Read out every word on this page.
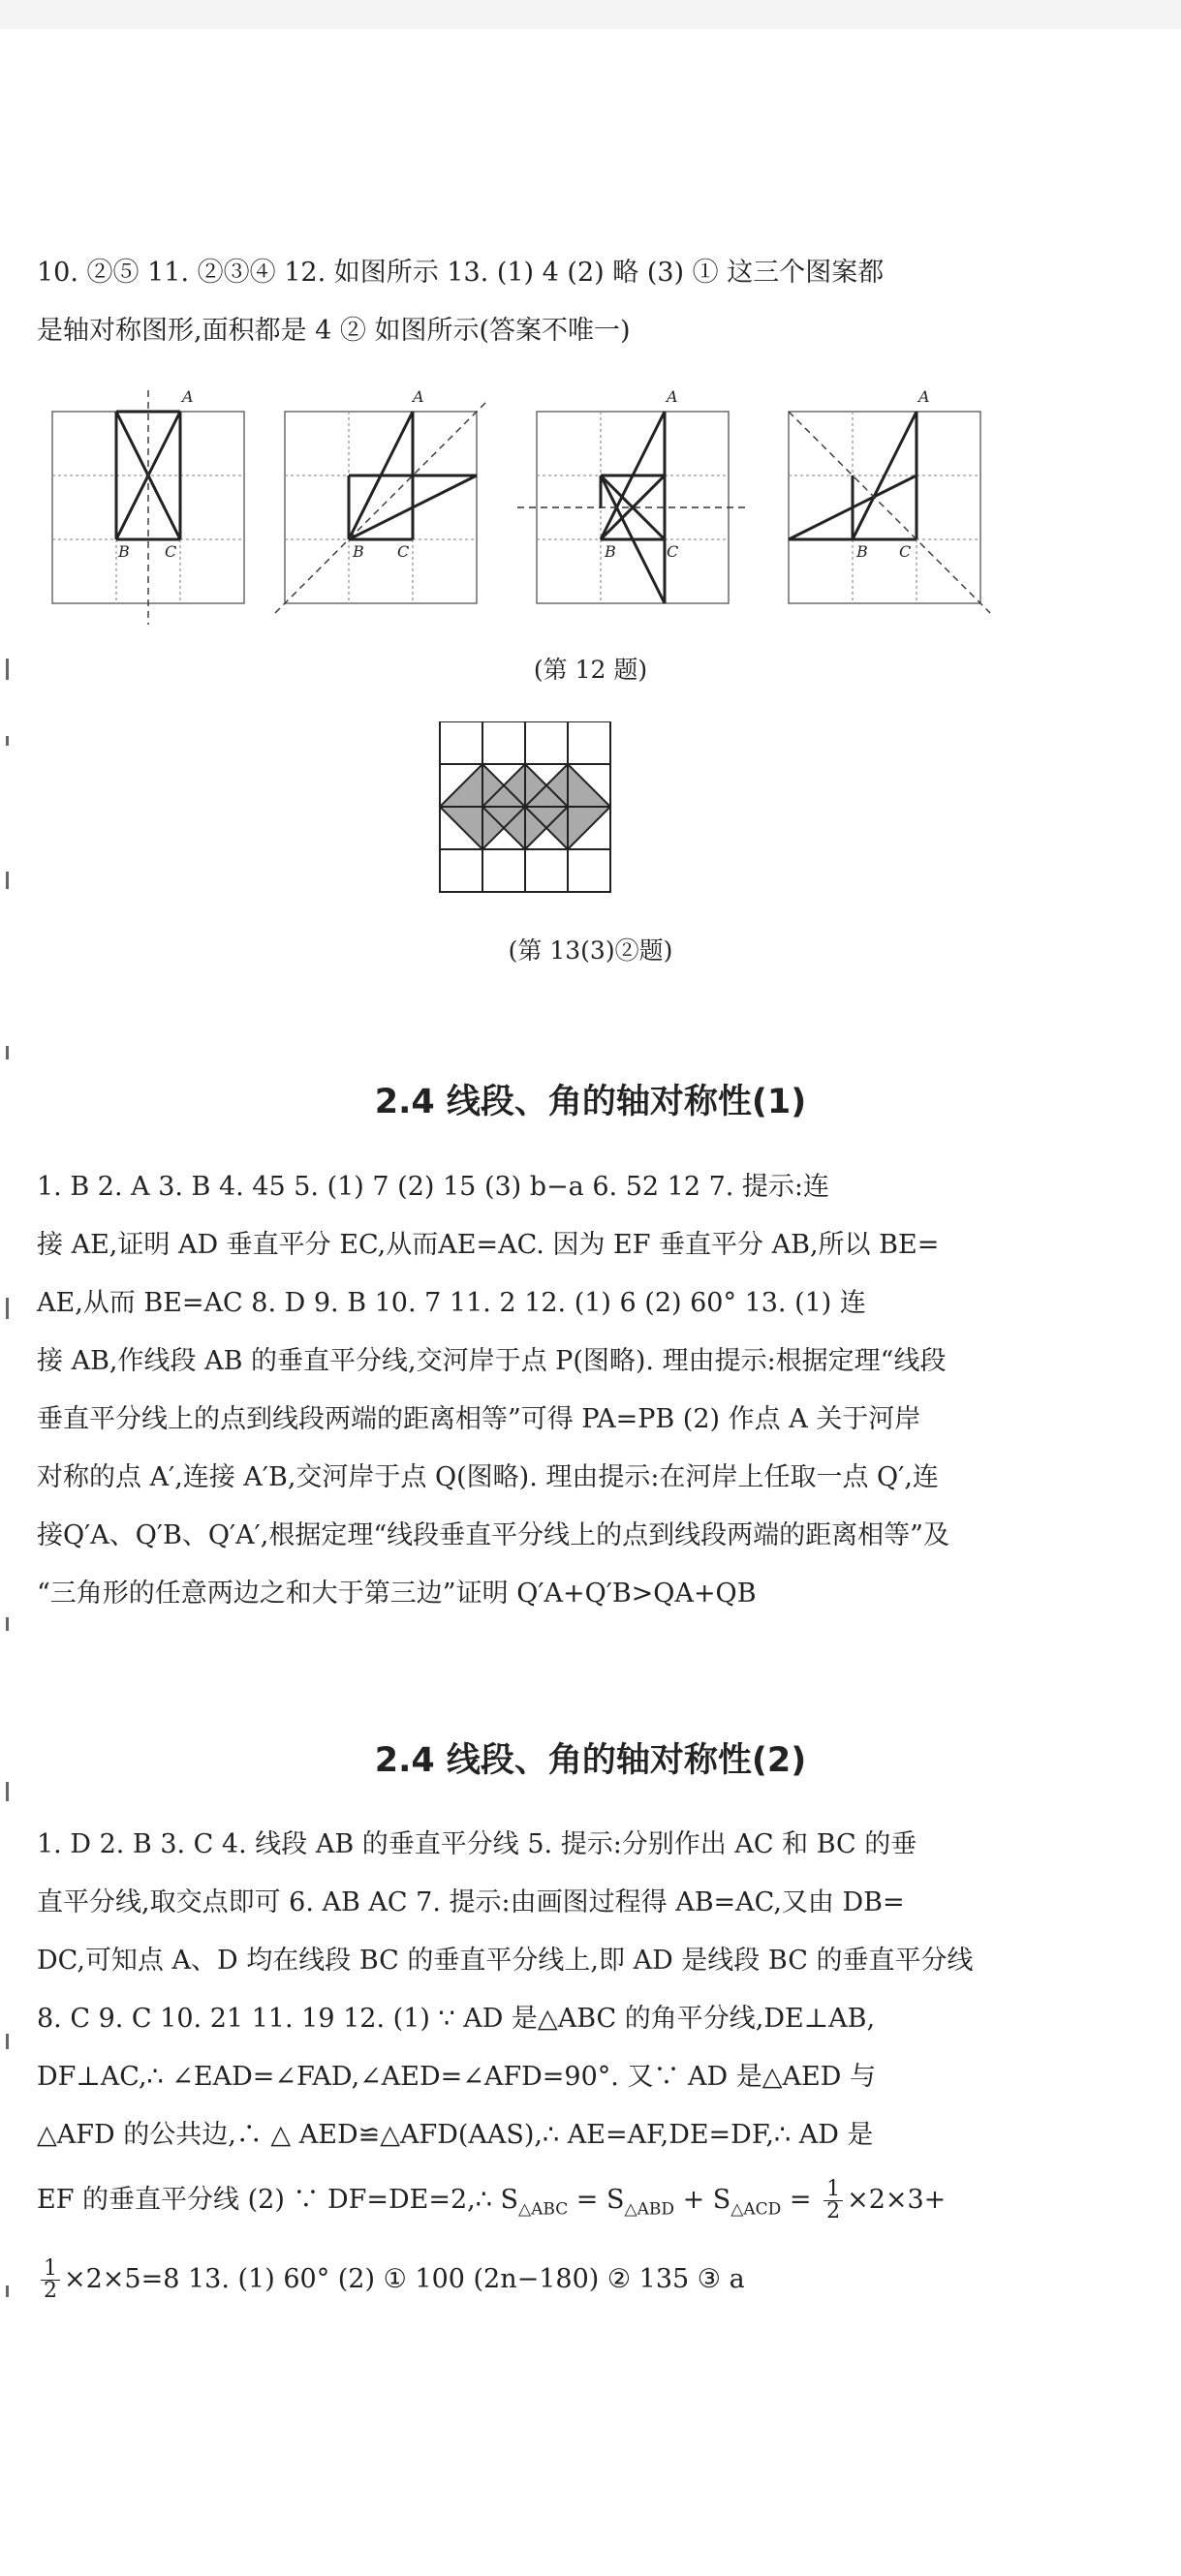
10. ②⑤ 11. ②③④ 12. 如图所示 13. (1) 4 (2) 略 (3) ① 这三个图案都
是轴对称图形,面积都是 4 ② 如图所示(答案不唯一)
A
B C
A
B C
A
B	C
A
B C
(第 12 题)
(第 13(3)②题)
2.4 线段、角的轴对称性(1)
1. B 2. A 3. B 4. 45 5. (1) 7 (2) 15 (3) b−a 6. 52 12 7. 提示:连
接 AE,证明 AD 垂直平分 EC,从而AE=AC. 因为 EF 垂直平分 AB,所以 BE=
AE,从而 BE=AC 8. D 9. B 10. 7 11. 2 12. (1) 6 (2) 60° 13. (1) 连
接 AB,作线段 AB 的垂直平分线,交河岸于点 P(图略). 理由提示:根据定理“线段
垂直平分线上的点到线段两端的距离相等”可得 PA=PB (2) 作点 A 关于河岸
对称的点 A′,连接 A′B,交河岸于点 Q(图略). 理由提示:在河岸上任取一点 Q′,连
接Q′A、Q′B、Q′A′,根据定理“线段垂直平分线上的点到线段两端的距离相等”及
“三角形的任意两边之和大于第三边”证明 Q′A+Q′B>QA+QB
2.4 线段、角的轴对称性(2)
1. D 2. B 3. C 4. 线段 AB 的垂直平分线 5. 提示:分别作出 AC 和 BC 的垂
直平分线,取交点即可 6. AB AC 7. 提示:由画图过程得 AB=AC,又由 DB=
DC,可知点 A、D 均在线段 BC 的垂直平分线上,即 AD 是线段 BC 的垂直平分线
8. C 9. C 10. 21 11. 19 12. (1) ∵ AD 是△ABC 的角平分线,DE⊥AB,
DF⊥AC,∴ ∠EAD=∠FAD,∠AED=∠AFD=90°. 又∵ AD 是△AED 与
△AFD 的公共边,∴ △ AED≌△AFD(AAS),∴ AE=AF,DE=DF,∴ AD 是
EF 的垂直平分线 (2) ∵ DF=DE=2,∴ $S_{\triangle ABC} = S_{\triangle ABD} + S_{\triangle ACD} = \frac{1}{2} \times 2\times 3+$
$\frac{1}{2} \times 2\times 5=8$ 13. (1) 60° (2) ① 100 (2n−180) ② 135 ③ a
